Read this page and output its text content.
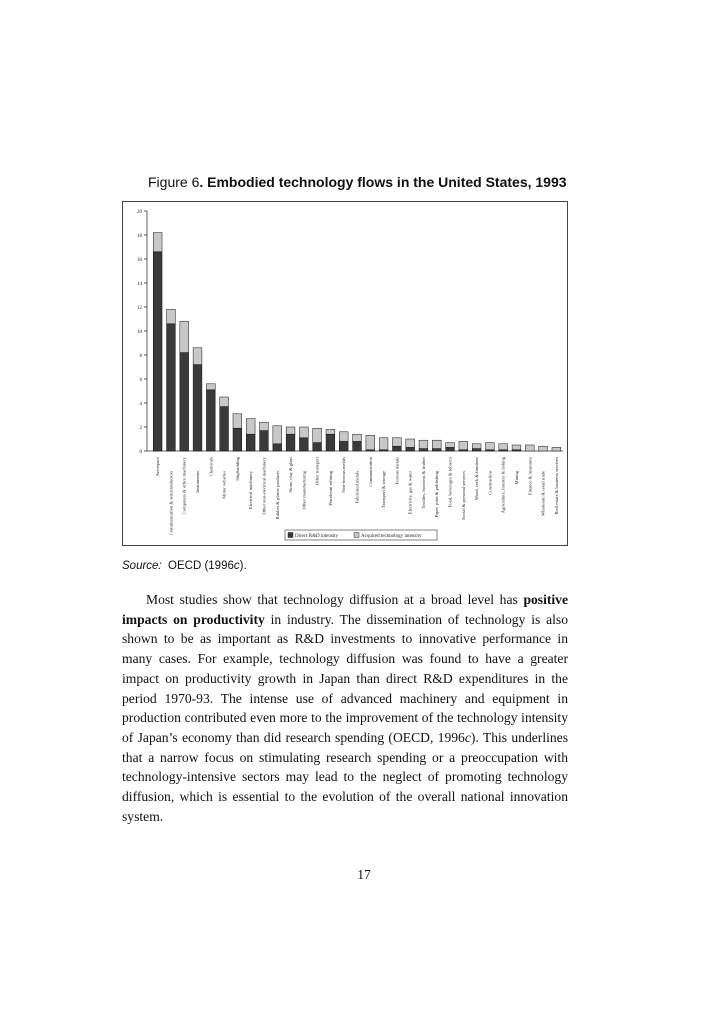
Figure 6. Embodied technology flows in the United States, 1993
0
2
4
6
8
10
12
14
16
18
20
Aerospace
Communication & semiconductors Computers & office machinery Instruments
Chemicals
Motor vehicles
Shipbuilding
Electrical machinery Other non-electrical machinery Rubber & plastic products Stone, clay & glass Other manufacturing
Other transport
Petroleum refining Non-ferrous metals Fabricated metals Communication Transport & storage
Ferrous metals
Electricity, gas & water Textiles, footwear & leather Paper, print & publishing Food, beverages & tobacco Social & personal services Wood, cork & furniture Construction Agriculture, forestry & fishing Mining Finance & insurance Wholesale & retail trade Real estate & business services
Direct R&D intensity	Acquired technology intensity
Source: OECD (1996c).

Most studies show that technology diffusion at a broad level has positive impacts on productivity in industry. The dissemination of technology is also shown to be as important as R&D investments to innovative performance in many cases. For example, technology diffusion was found to have a greater impact on productivity growth in Japan than direct R&D expenditures in the period 1970-93. The intense use of advanced machinery and equipment in production contributed even more to the improvement of the technology intensity of Japan’s economy than did research spending (OECD, 1996c). This underlines that a narrow focus on stimulating research spending or a preoccupation with technology-intensive sectors may lead to the neglect of promoting technology diffusion, which is essential to the evolution of the overall national innovation system.

17
